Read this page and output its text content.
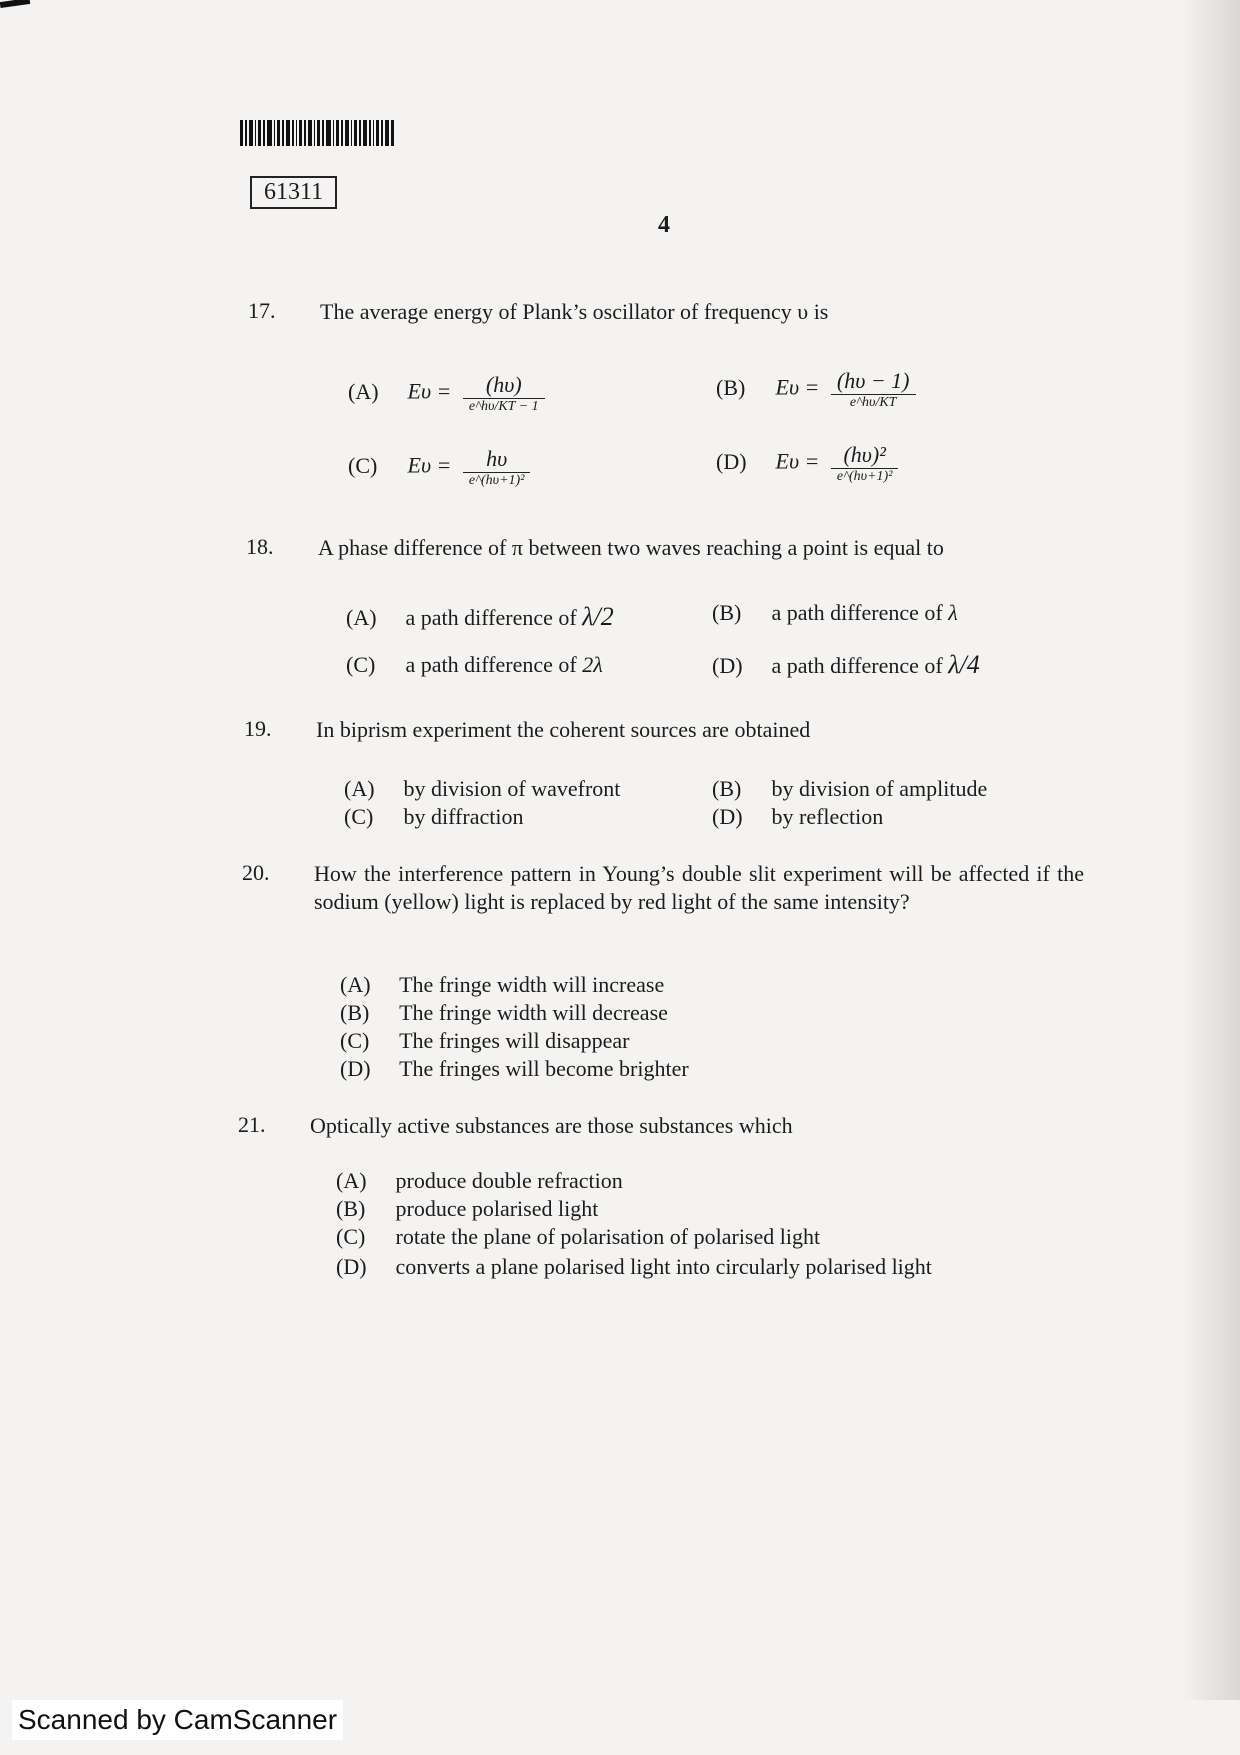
61311
4
17. The average energy of Plank’s oscillator of frequency υ is
(A) $E\upsilon = \frac{(h\upsilon)}{e\^{}h\upsilon/KT - 1}$	(B) $E\upsilon = \frac{(h\upsilon - 1)}{e\^{}h\upsilon/KT}$
(C) $E\upsilon = \frac{h\upsilon}{\text{e\textasciicircum{}(hυ+1)²}}$	(D) $E\upsilon = \frac{\text{(hυ)²}}{\text{e\textasciicircum{}(hυ+1)²}}$
18. A phase difference of π between two waves reaching a point is equal to
(A) a path difference of λ/2	(B) a path difference of λ
(C) a path difference of 2λ	(D) a path difference of λ/4
19. In biprism experiment the coherent sources are obtained
(A) by division of wavefront	(B) by division of amplitude
(C) by diffraction	(D) by reflection
20. How the interference pattern in Young’s double slit experiment will be affected if the sodium (yellow) light is replaced by red light of the same intensity?
(A) The fringe width will increase
(B) The fringe width will decrease
(C) The fringes will disappear
(D) The fringes will become brighter
21. Optically active substances are those substances which
(A) produce double refraction
(B) produce polarised light
(C) rotate the plane of polarisation of polarised light
(D) converts a plane polarised light into circularly polarised light
Scanned by CamScanner
